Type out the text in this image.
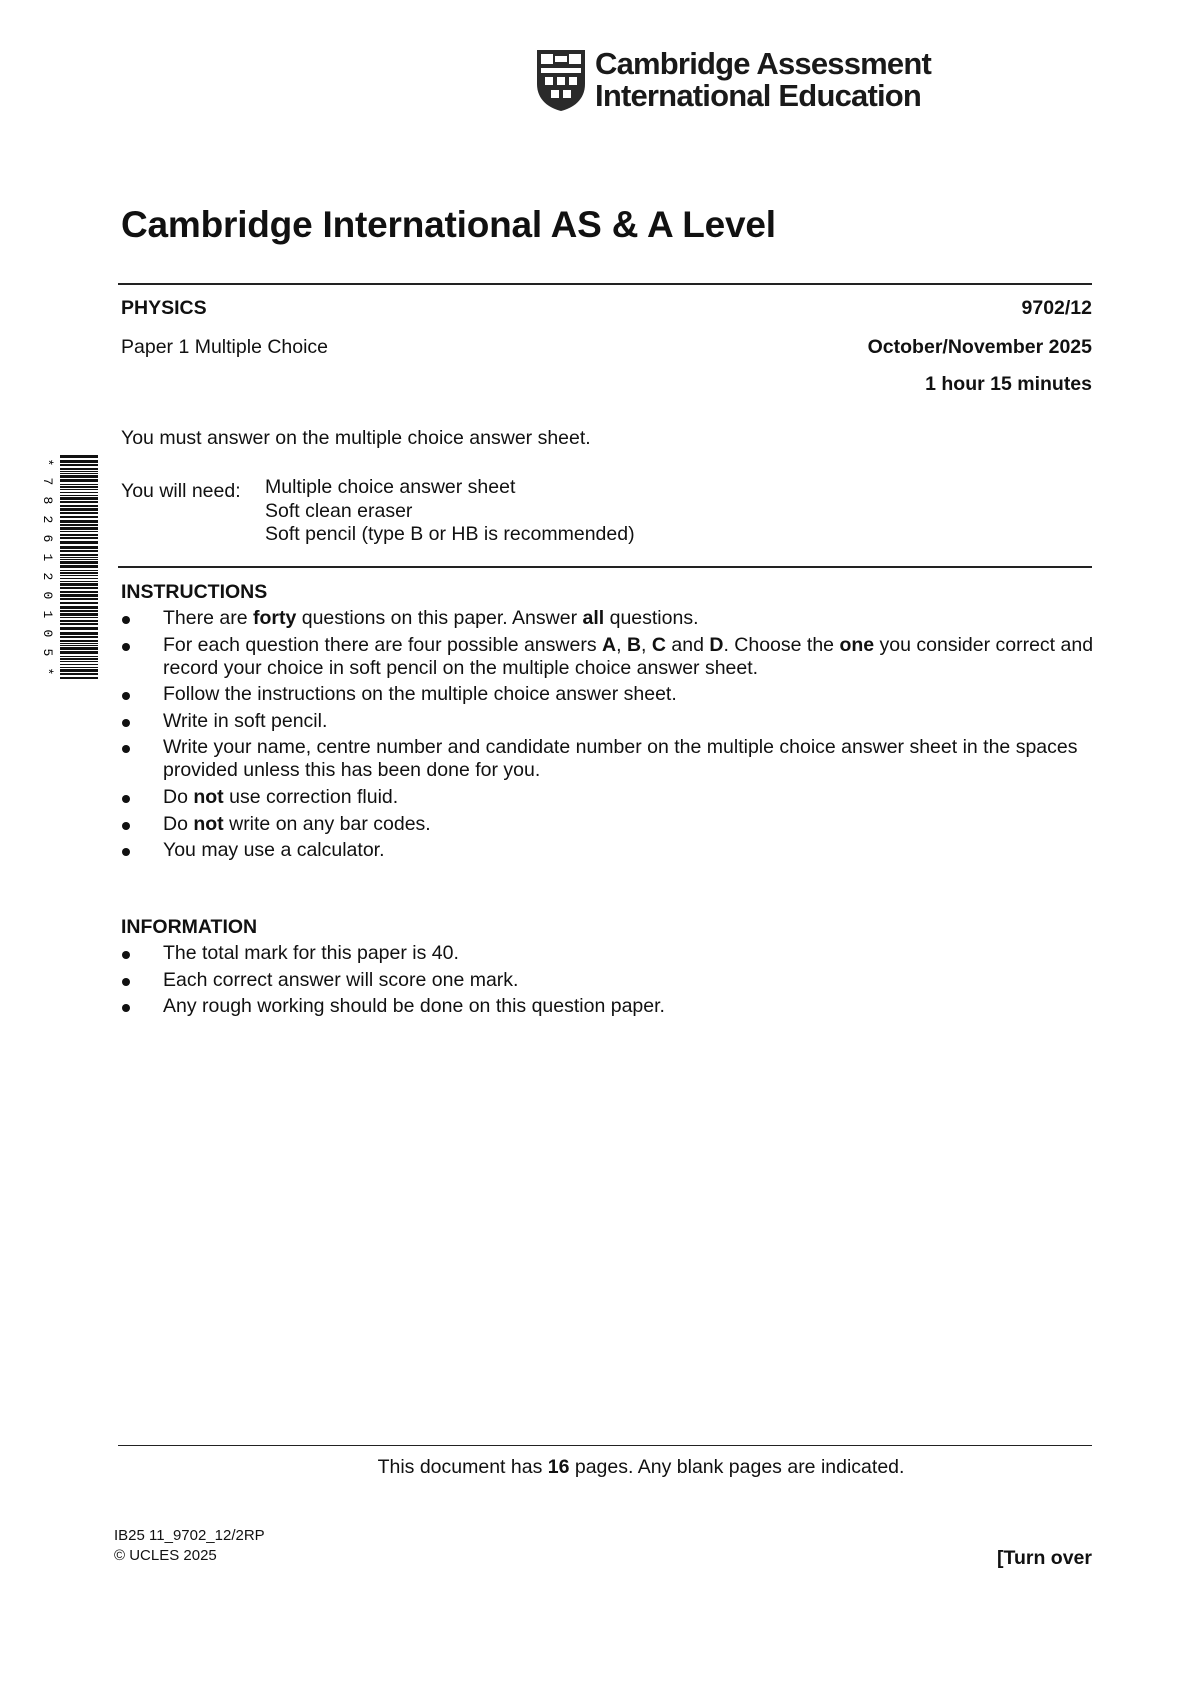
Cambridge Assessment
International Education
Cambridge International AS & A Level
PHYSICS	9702/12
Paper 1 Multiple Choice	October/November 2025
1 hour 15 minutes
You must answer on the multiple choice answer sheet.
You will need: Multiple choice answer sheet
Soft clean eraser
Soft pencil (type B or HB is recommended)
INSTRUCTIONS
There are forty questions on this paper. Answer all questions.
For each question there are four possible answers A, B, C and D. Choose the one you consider correct and record your choice in soft pencil on the multiple choice answer sheet.
Follow the instructions on the multiple choice answer sheet.
Write in soft pencil.
Write your name, centre number and candidate number on the multiple choice answer sheet in the spaces provided unless this has been done for you.
Do not use correction fluid.
Do not write on any bar codes.
You may use a calculator.
INFORMATION
The total mark for this paper is 40.
Each correct answer will score one mark.
Any rough working should be done on this question paper.
*
7
8
2
6
1
2
0
1
0
5
*
This document has 16 pages. Any blank pages are indicated.
IB25 11_9702_12/2RP
© UCLES 2025	[Turn over
